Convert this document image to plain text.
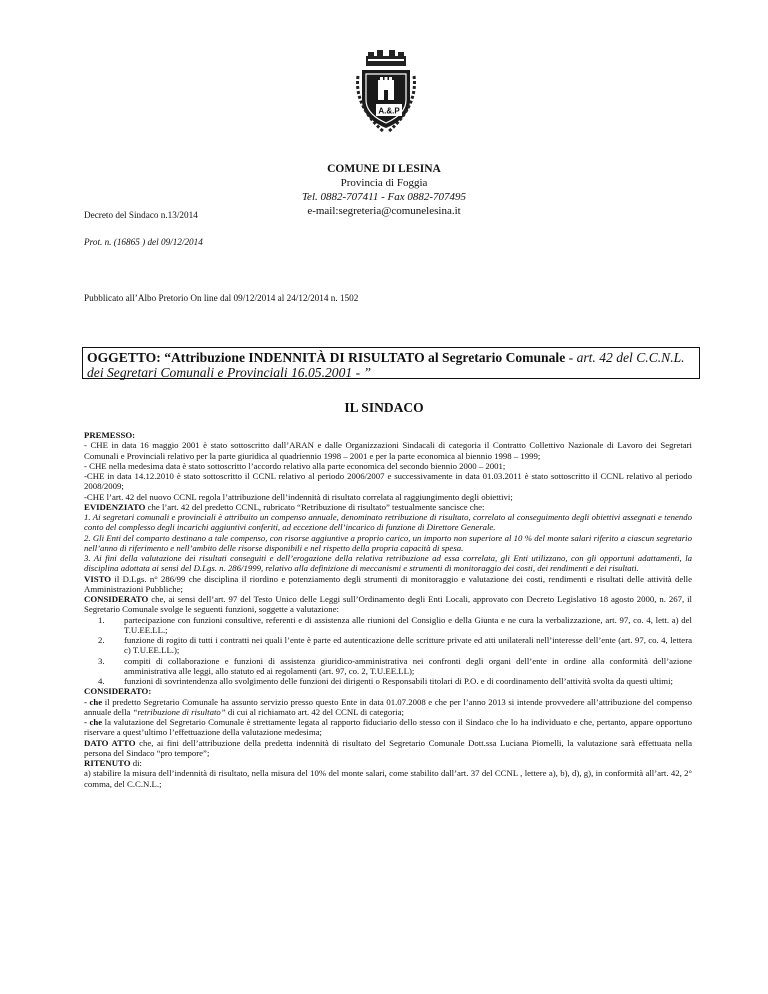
A.&.P
COMUNE DI LESINA
Provincia di Foggia
Tel. 0882-707411 - Fax 0882-707495
e-mail:segreteria@comunelesina.it
Decreto del Sindaco n.13/2014
Prot. n. (16865 ) del 09/12/2014
Pubblicato all’Albo Pretorio On line dal 09/12/2014 al 24/12/2014 n. 1502
OGGETTO: “Attribuzione INDENNITÀ DI RISULTATO al Segretario Comunale - art. 42 del C.C.N.L. dei Segretari Comunali e Provinciali 16.05.2001 - ”
IL SINDACO

PREMESSO:

- CHE in data 16 maggio 2001 è stato sottoscritto dall’ARAN e dalle Organizzazioni Sindacali di categoria il Contratto Collettivo Nazionale di Lavoro dei Segretari Comunali e Provinciali relativo per la parte giuridica al quadriennio 1998 – 2001 e per la parte economica al biennio 1998 – 1999;

- CHE nella medesima data è stato sottoscritto l’accordo relativo alla parte economica del secondo biennio 2000 – 2001;

-CHE in data 14.12.2010 è stato sottoscritto il CCNL relativo al periodo 2006/2007 e successivamente in data 01.03.2011 è stato sottoscritto il CCNL relativo al periodo 2008/2009;

-CHE l’art. 42 del nuovo CCNL regola l’attribuzione dell’indennità di risultato correlata al raggiungimento degli obiettivi;

EVIDENZIATO che l’art. 42 del predetto CCNL, rubricato “Retribuzione di risultato” testualmente sancisce che:

1. Ai segretari comunali e provinciali è attribuito un compenso annuale, denominato retribuzione di risultato, correlato al conseguimento degli obiettivi assegnati e tenendo conto del complesso degli incarichi aggiuntivi conferiti, ad eccezione dell’incarico di funzione di Direttore Generale.

2. Gli Enti del comparto destinano a tale compenso, con risorse aggiuntive a proprio carico, un importo non superiore al 10 % del monte salari riferito a ciascun segretario nell’anno di riferimento e nell’ambito delle risorse disponibili e nel rispetto della propria capacità di spesa.

3. Ai fini della valutazione dei risultati conseguiti e dell’erogazione della relativa retribuzione ad essa correlata, gli Enti utilizzano, con gli opportuni adattamenti, la disciplina adottata ai sensi del D.Lgs. n. 286/1999, relativo alla definizione di meccanismi e strumenti di monitoraggio dei costi, dei rendimenti e dei risultati.

VISTO il D.Lgs. n° 286/99 che disciplina il riordino e potenziamento degli strumenti di monitoraggio e valutazione dei costi, rendimenti e risultati delle attività delle Amministrazioni Pubbliche;

CONSIDERATO che, ai sensi dell’art. 97 del Testo Unico delle Leggi sull’Ordinamento degli Enti Locali, approvato con Decreto Legislativo 18 agosto 2000, n. 267, il Segretario Comunale svolge le seguenti funzioni, soggette a valutazione:

1. partecipazione con funzioni consultive, referenti e di assistenza alle riunioni del Consiglio e della Giunta e ne cura la verbalizzazione, art. 97, co. 4, lett. a) del T.U.EE.LL.;
2. funzione di rogito di tutti i contratti nei quali l’ente è parte ed autenticazione delle scritture private ed atti unilaterali nell’interesse dell’ente (art. 97, co. 4, lettera c) T.U.EE.LL.);
3. compiti di collaborazione e funzioni di assistenza giuridico-amministrativa nei confronti degli organi dell’ente in ordine alla conformità dell’azione amministrativa alle leggi, allo statuto ed ai regolamenti (art. 97, co. 2, T.U.EE.LL);
4. funzioni di sovrintendenza allo svolgimento delle funzioni dei dirigenti o Responsabili titolari di P.O. e di coordinamento dell’attività svolta da questi ultimi;

CONSIDERATO:

- che il predetto Segretario Comunale ha assunto servizio presso questo Ente in data 01.07.2008 e che per l’anno 2013 si intende provvedere all’attribuzione del compenso annuale della “retribuzione di risultato” di cui al richiamato art. 42 del CCNL di categoria;

- che la valutazione del Segretario Comunale è strettamente legata al rapporto fiduciario dello stesso con il Sindaco che lo ha individuato e che, pertanto, appare opportuno riservare a quest’ultimo l’effettuazione della valutazione medesima;

DATO ATTO che, ai fini dell’attribuzione della predetta indennità di risultato del Segretario Comunale Dott.ssa Luciana Piomelli, la valutazione sarà effettuata nella persona del Sindaco “pro tempore”;

RITENUTO di:

a) stabilire la misura dell’indennità di risultato, nella misura del 10% del monte salari, come stabilito dall’art. 37 del CCNL , lettere a), b), d), g), in conformità all’art. 42, 2° comma, del C.C.N.L.;
